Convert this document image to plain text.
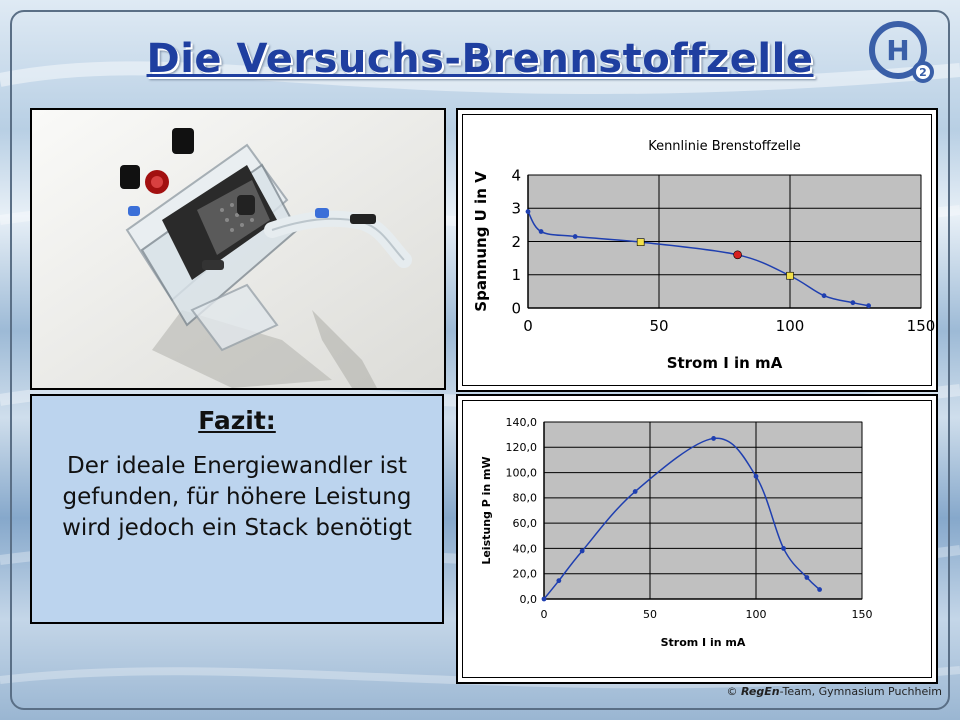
Die Versuchs-Brennstoffzelle	H
2
0
1
2
3
4
0	50	100	150
Kennlinie Brenstoffzelle
Strom I in mA
Spannung U in V
0,0
20,0
40,0
60,0
80,0
100,0
120,0
140,0
0	50	100	150
Strom I in mA
Leistung P in mW
Fazit:
Der ideale Energiewandler ist gefunden, für höhere Leistung wird jedoch ein Stack benötigt
© RegEn-Team, Gymnasium Puchheim
